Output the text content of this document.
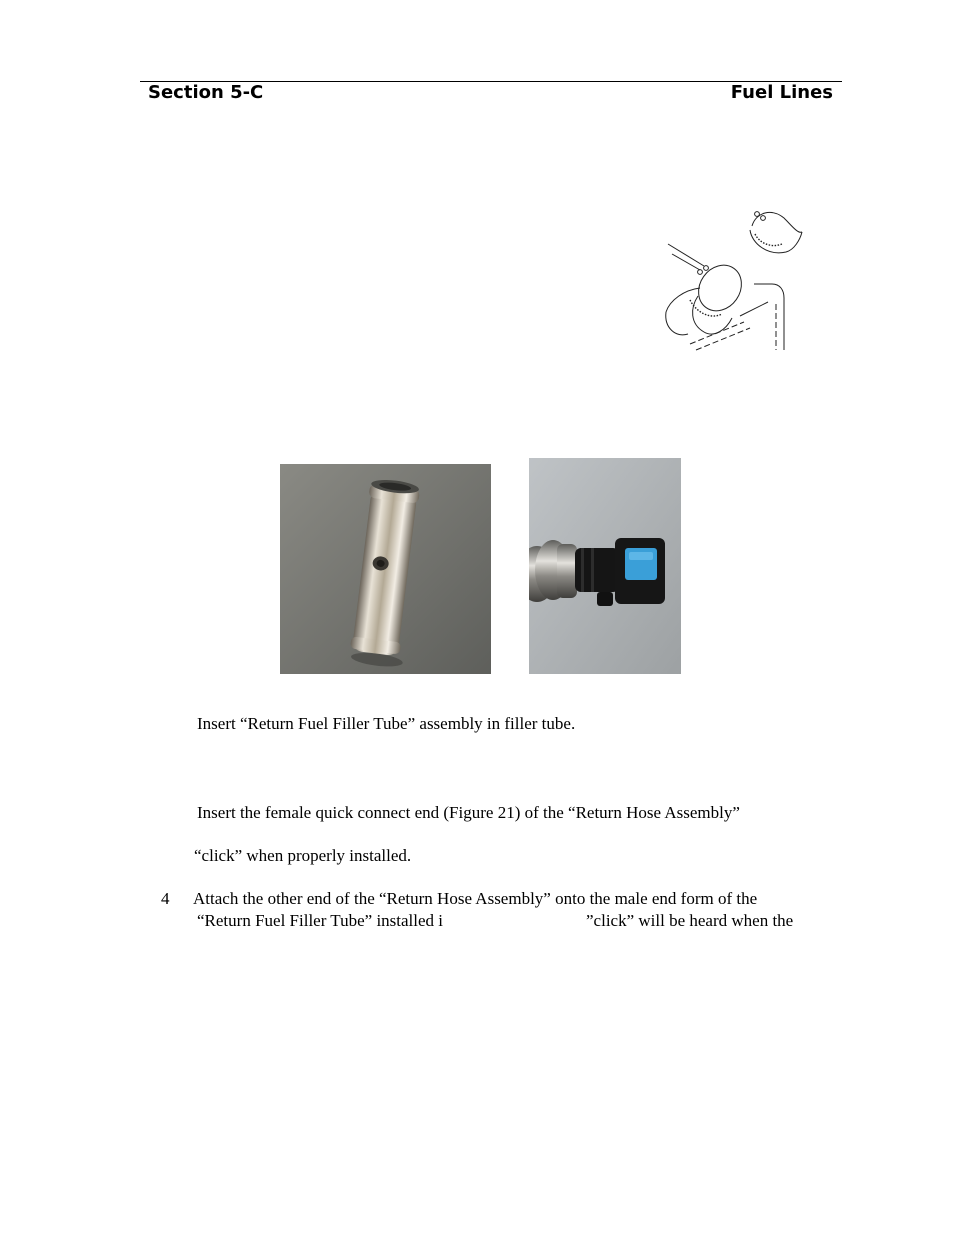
Section 5-C	Fuel Lines
Insert “Return Fuel Filler Tube” assembly in filler tube.
Insert the female quick connect end (Figure 21) of the “Return Hose Assembly”
“click” when properly installed.
4 Attach the other end of the “Return Hose Assembly” onto the male end form of the
“Return Fuel Filler Tube” installed i	”click” will be heard when the
